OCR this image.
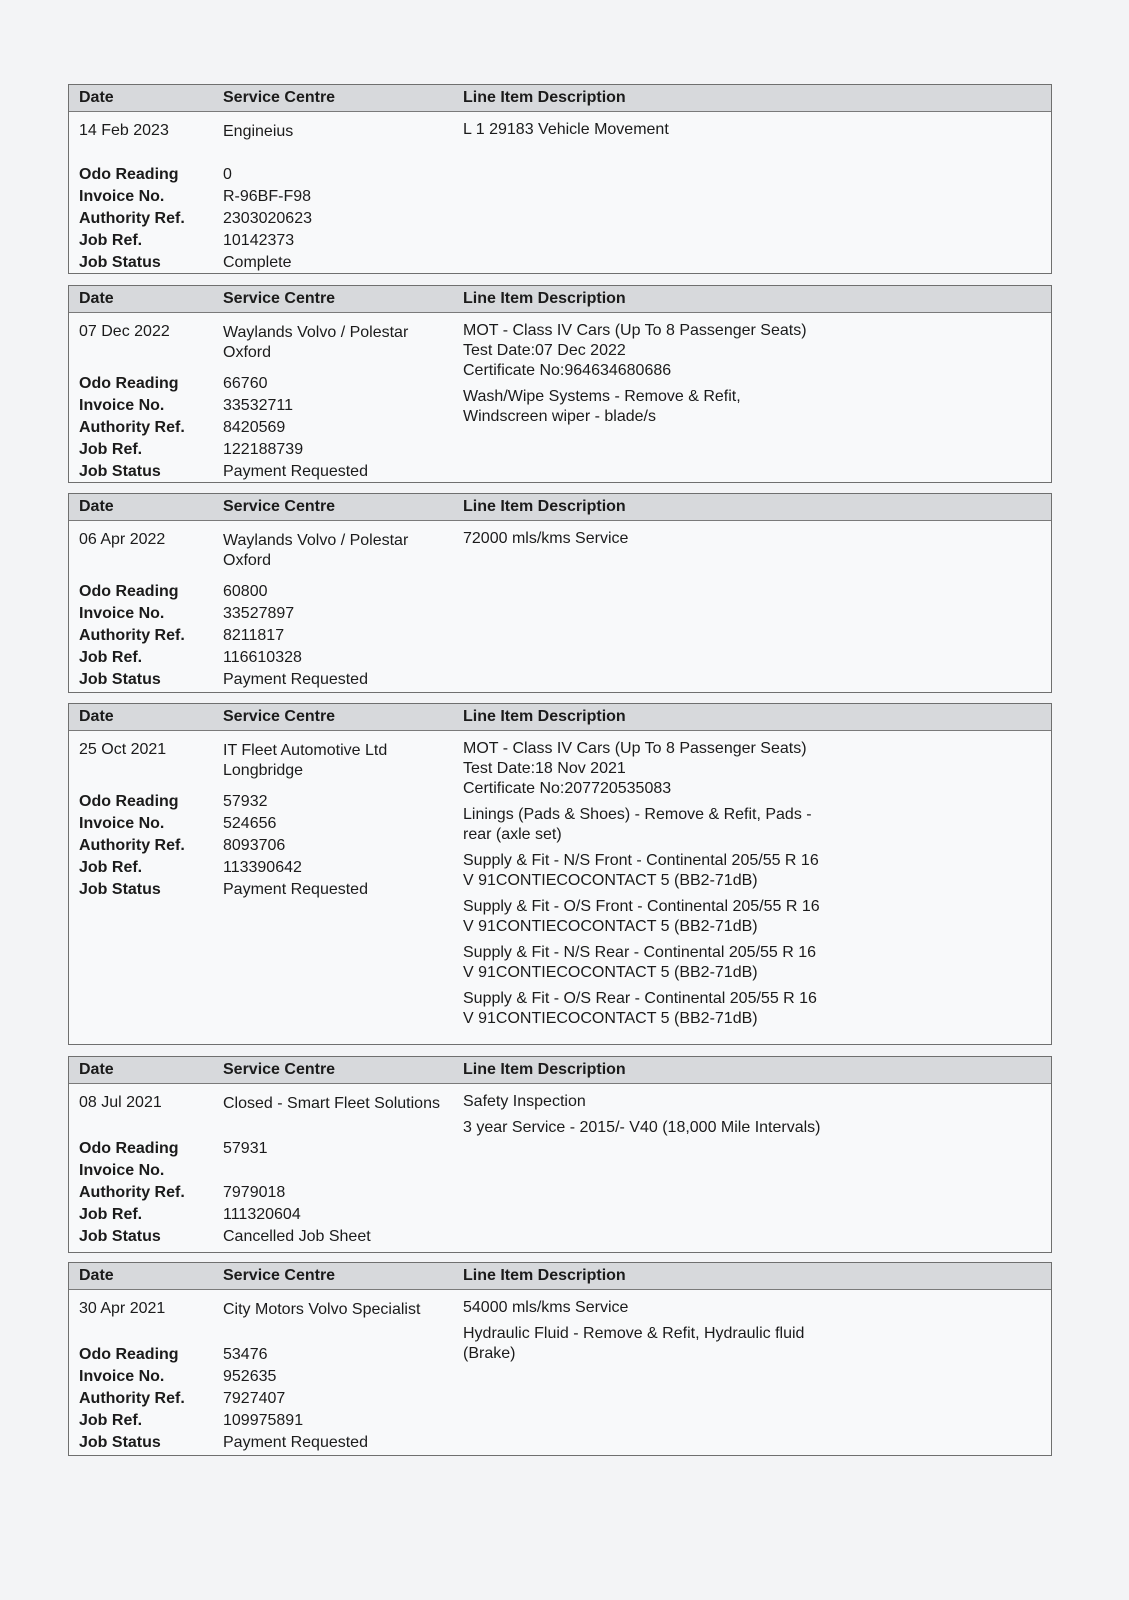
Date	Service Centre	Line Item Description
14 Feb 2023	Engineius
Odo Reading	0
Invoice No.	R-96BF-F98
Authority Ref. 2303020623
Job Ref.	10142373
Job Status	Complete
L 1 29183 Vehicle Movement
Date	Service Centre	Line Item Description
07 Dec 2022	Waylands Volvo / Polestar Oxford
Odo Reading	66760
Invoice No.	33532711
Authority Ref. 8420569
Job Ref.	122188739
Job Status	Payment Requested
MOT - Class IV Cars (Up To 8 Passenger Seats)
Test Date:07 Dec 2022
Certificate No:964634680686
Wash/Wipe Systems - Remove & Refit,
Windscreen wiper - blade/s
Date	Service Centre	Line Item Description
06 Apr 2022	Waylands Volvo / Polestar Oxford
Odo Reading	60800
Invoice No.	33527897
Authority Ref. 8211817
Job Ref.	116610328
Job Status	Payment Requested
72000 mls/kms Service
Date	Service Centre	Line Item Description
25 Oct 2021	IT Fleet Automotive Ltd Longbridge
Odo Reading	57932
Invoice No.	524656
Authority Ref. 8093706
Job Ref.	113390642
Job Status	Payment Requested
MOT - Class IV Cars (Up To 8 Passenger Seats)
Test Date:18 Nov 2021
Certificate No:207720535083
Linings (Pads & Shoes) - Remove & Refit, Pads -
rear (axle set)
Supply & Fit - N/S Front - Continental 205/55 R 16
V 91CONTIECOCONTACT 5 (BB2-71dB)
Supply & Fit - O/S Front - Continental 205/55 R 16
V 91CONTIECOCONTACT 5 (BB2-71dB)
Supply & Fit - N/S Rear - Continental 205/55 R 16
V 91CONTIECOCONTACT 5 (BB2-71dB)
Supply & Fit - O/S Rear - Continental 205/55 R 16
V 91CONTIECOCONTACT 5 (BB2-71dB)
Date	Service Centre	Line Item Description
08 Jul 2021	Closed - Smart Fleet Solutions
Odo Reading	57931
Invoice No.
Authority Ref. 7979018
Job Ref.	111320604
Job Status	Cancelled Job Sheet
Safety Inspection
3 year Service - 2015/- V40 (18,000 Mile Intervals)
Date	Service Centre	Line Item Description
30 Apr 2021	City Motors Volvo Specialist
Odo Reading	53476
Invoice No.	952635
Authority Ref. 7927407
Job Ref.	109975891
Job Status	Payment Requested
54000 mls/kms Service
Hydraulic Fluid - Remove & Refit, Hydraulic fluid
(Brake)
